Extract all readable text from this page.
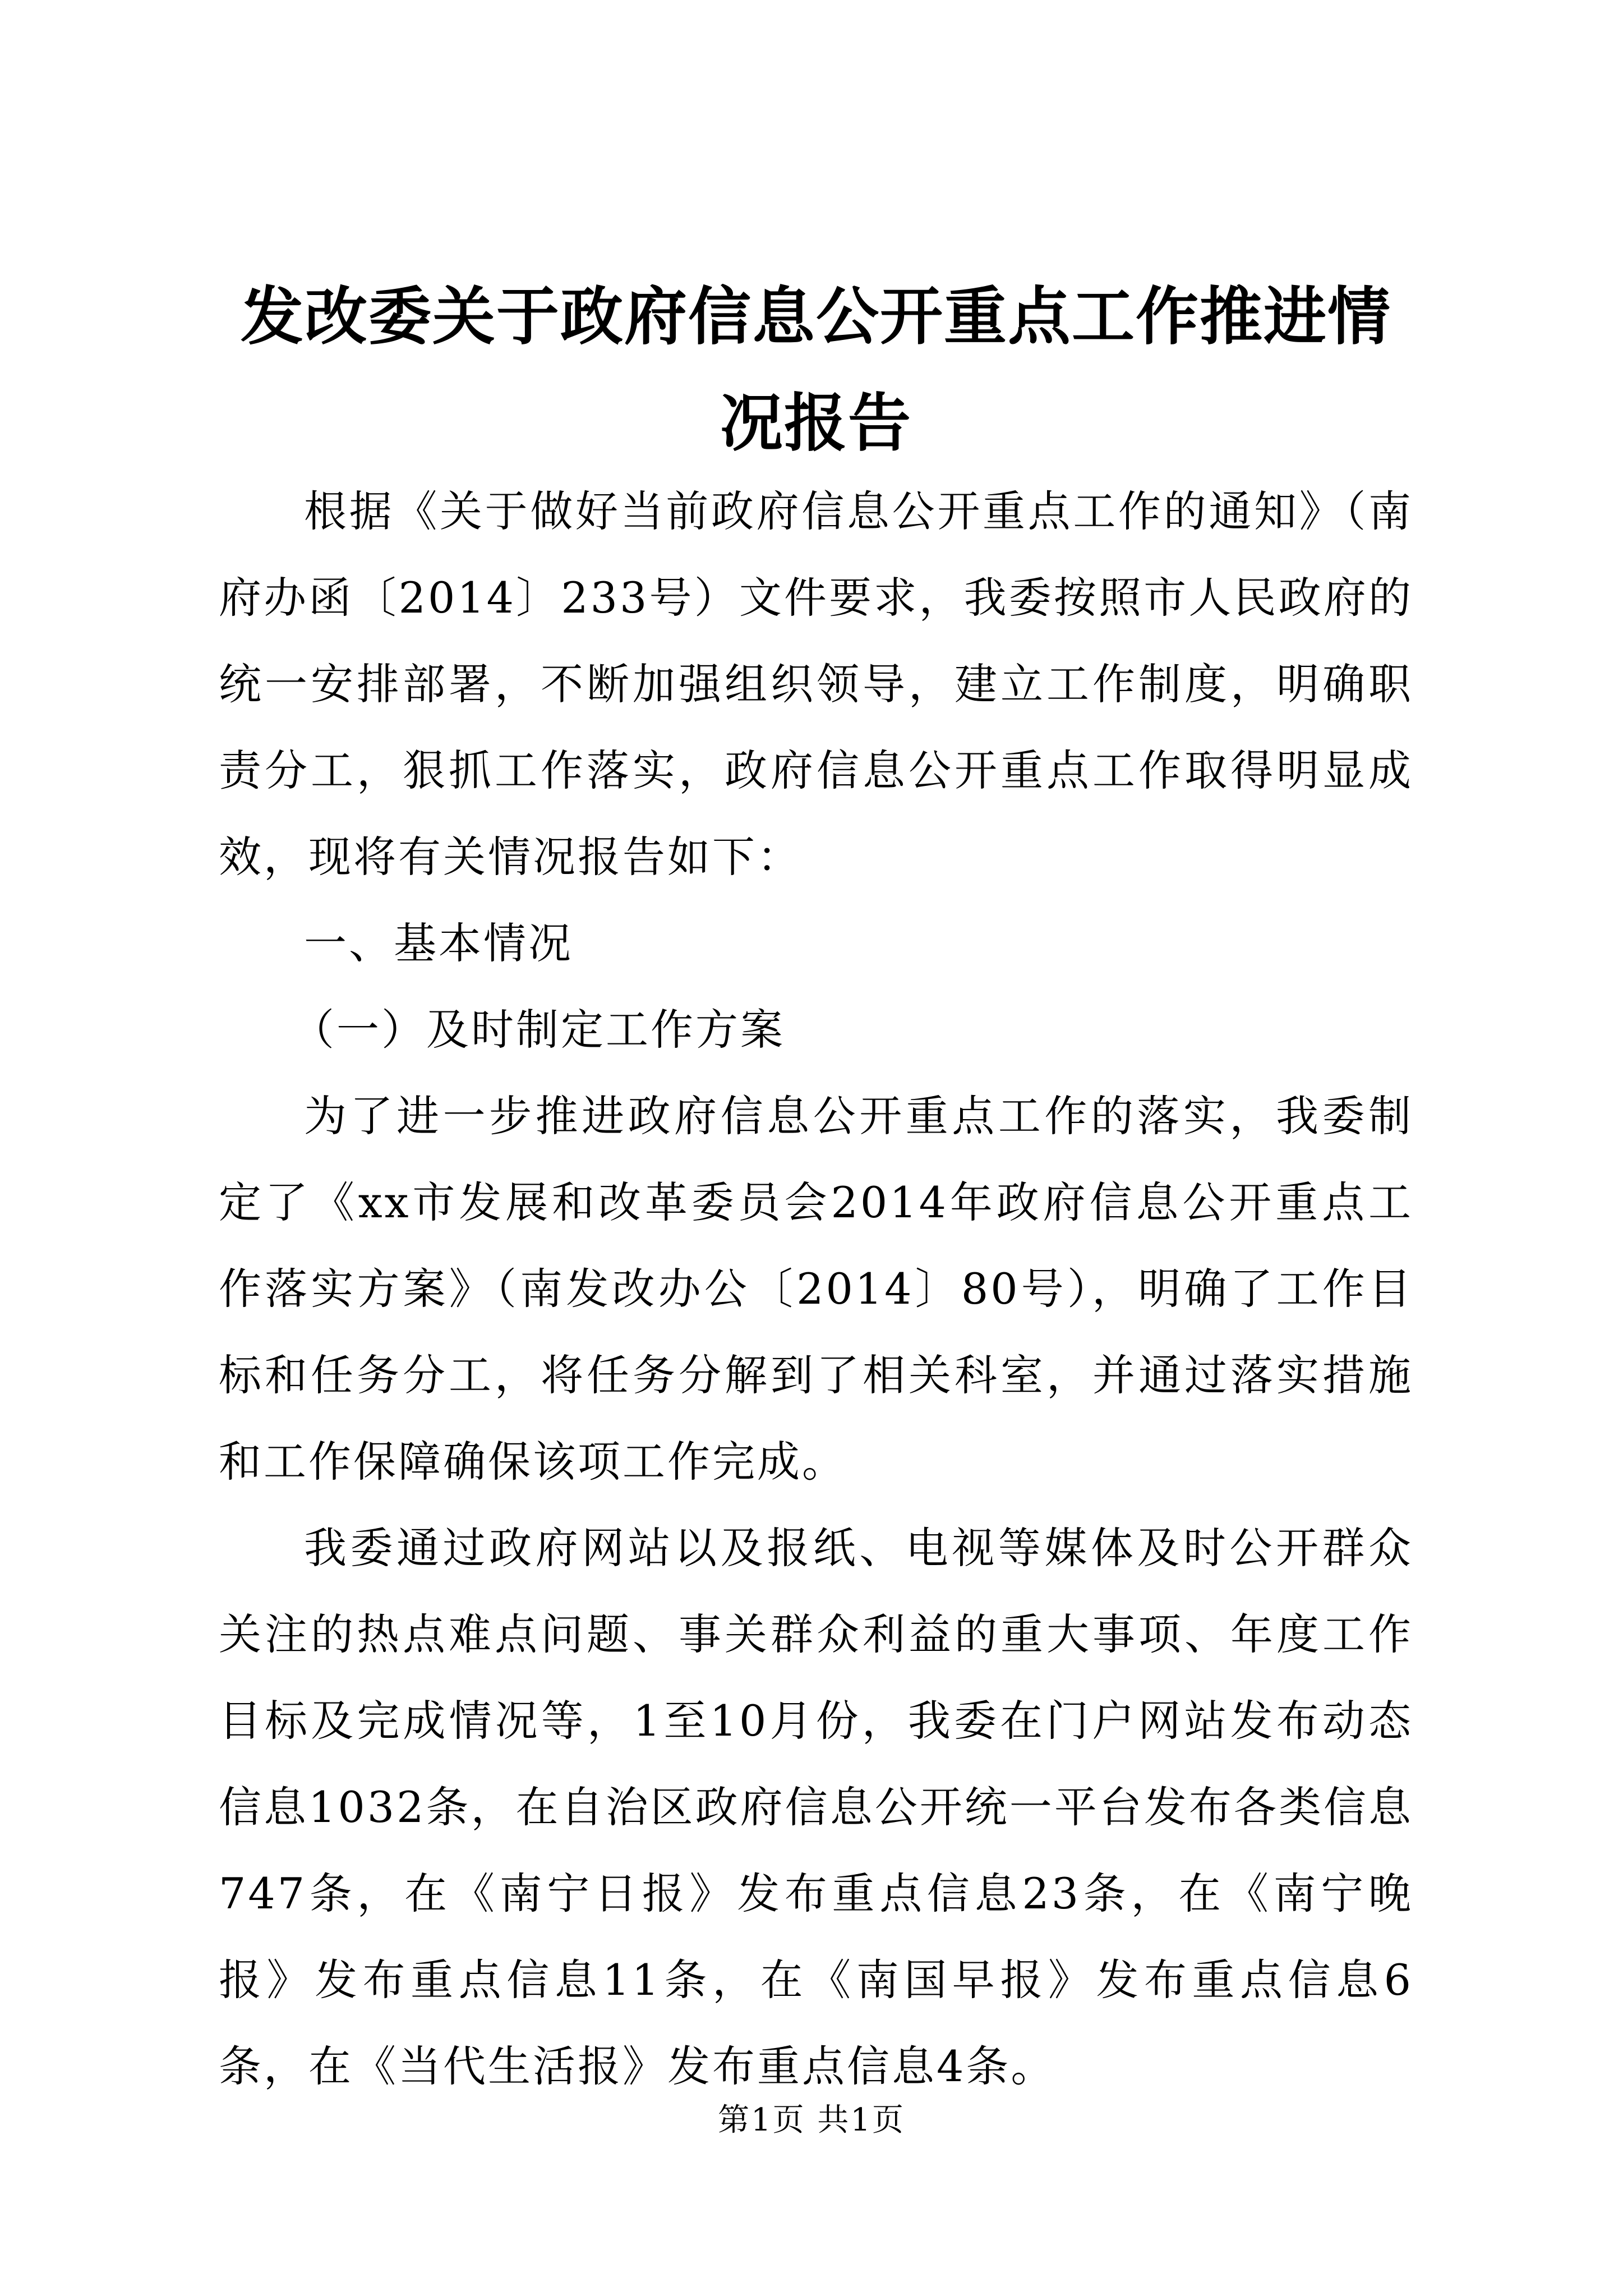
发改委关于政府信息公开重点工作推进情况报告

根据《关于做好当前政府信息公开重点工作的通知》（南府办函〔2014〕233号）文件要求，我委按照市人民政府的统一安排部署，不断加强组织领导，建立工作制度，明确职责分工，狠抓工作落实，政府信息公开重点工作取得明显成效，现将有关情况报告如下：

一、基本情况

（一）及时制定工作方案

为了进一步推进政府信息公开重点工作的落实，我委制定了《xx市发展和改革委员会2014年政府信息公开重点工作落实方案》（南发改办公〔2014〕80号），明确了工作目标和任务分工，将任务分解到了相关科室，并通过落实措施和工作保障确保该项工作完成。

我委通过政府网站以及报纸、电视等媒体及时公开群众关注的热点难点问题、事关群众利益的重大事项、年度工作目标及完成情况等，1至10月份，我委在门户网站发布动态信息1032条，在自治区政府信息公开统一平台发布各类信息747条，在《南宁日报》发布重点信息23条，在《南宁晚报》发布重点信息11条，在《南国早报》发布重点信息6条，在《当代生活报》发布重点信息4条。

第1页 共1页
